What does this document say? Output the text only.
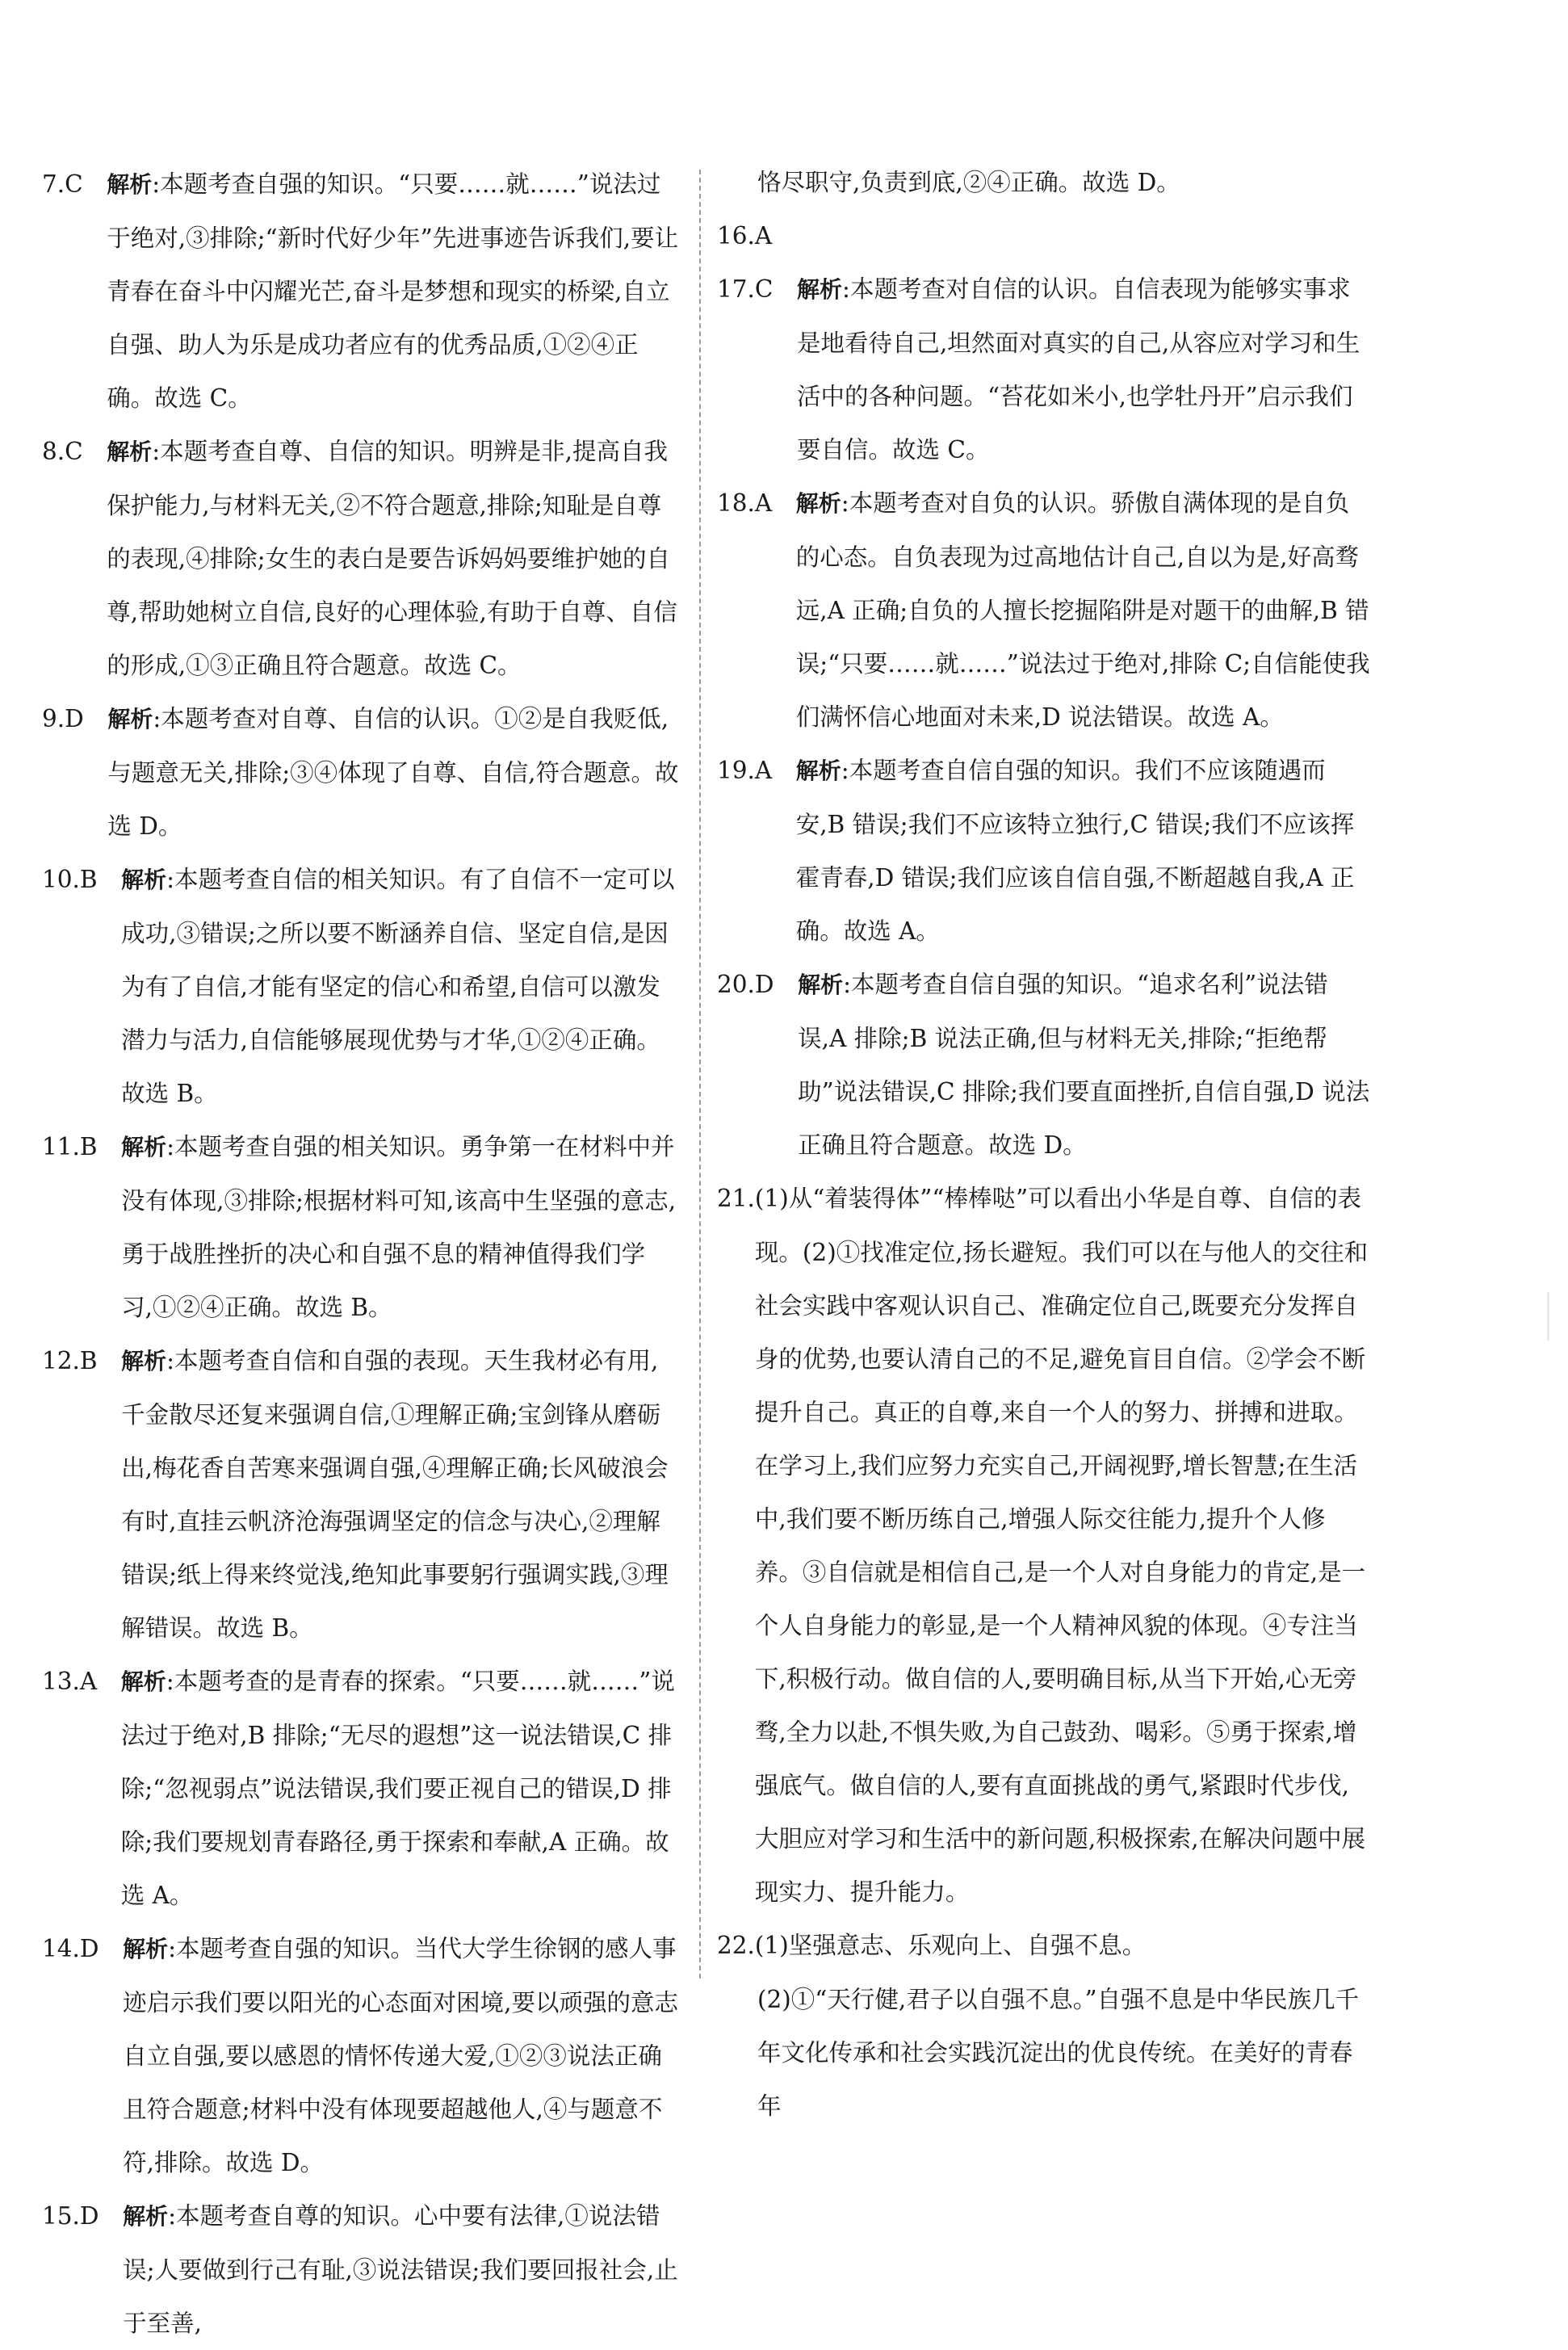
7.C　 解析:本题考查自强的知识。“只要……就……”说法过于绝对,③排除;“新时代好少年”先进事迹告诉我们,要让青春在奋斗中闪耀光芒,奋斗是梦想和现实的桥梁,自立自强、助人为乐是成功者应有的优秀品质,①②④正确。故选 C。
8.C　 解析:本题考查自尊、自信的知识。明辨是非,提高自我保护能力,与材料无关,②不符合题意,排除;知耻是自尊的表现,④排除;女生的表白是要告诉妈妈要维护她的自尊,帮助她树立自信,良好的心理体验,有助于自尊、自信的形成,①③正确且符合题意。故选 C。
9.D　 解析:本题考查对自尊、自信的认识。①②是自我贬低,与题意无关,排除;③④体现了自尊、自信,符合题意。故选 D。
10.B　 解析:本题考查自信的相关知识。有了自信不一定可以成功,③错误;之所以要不断涵养自信、坚定自信,是因为有了自信,才能有坚定的信心和希望,自信可以激发潜力与活力,自信能够展现优势与才华,①②④正确。故选 B。
11.B　 解析:本题考查自强的相关知识。勇争第一在材料中并没有体现,③排除;根据材料可知,该高中生坚强的意志,勇于战胜挫折的决心和自强不息的精神值得我们学习,①②④正确。故选 B。
12.B　 解析:本题考查自信和自强的表现。天生我材必有用,千金散尽还复来强调自信,①理解正确;宝剑锋从磨砺出,梅花香自苦寒来强调自强,④理解正确;长风破浪会有时,直挂云帆济沧海强调坚定的信念与决心,②理解错误;纸上得来终觉浅,绝知此事要躬行强调实践,③理解错误。故选 B。
13.A　 解析:本题考查的是青春的探索。“只要……就……”说法过于绝对,B 排除;“无尽的遐想”这一说法错误,C 排除;“忽视弱点”说法错误,我们要正视自己的错误,D 排除;我们要规划青春路径,勇于探索和奉献,A 正确。故选 A。
14.D　 解析:本题考查自强的知识。当代大学生徐钢的感人事迹启示我们要以阳光的心态面对困境,要以顽强的意志自立自强,要以感恩的情怀传递大爱,①②③说法正确且符合题意;材料中没有体现要超越他人,④与题意不符,排除。故选 D。
15.D　 解析:本题考查自尊的知识。心中要有法律,①说法错误;人要做到行己有耻,③说法错误;我们要回报社会,止于至善,
恪尽职守,负责到底,②④正确。故选 D。
16.A
17.C　 解析:本题考查对自信的认识。自信表现为能够实事求是地看待自己,坦然面对真实的自己,从容应对学习和生活中的各种问题。“苔花如米小,也学牡丹开”启示我们要自信。故选 C。
18.A　 解析:本题考查对自负的认识。骄傲自满体现的是自负的心态。自负表现为过高地估计自己,自以为是,好高骛远,A 正确;自负的人擅长挖掘陷阱是对题干的曲解,B 错误;“只要……就……”说法过于绝对,排除 C;自信能使我们满怀信心地面对未来,D 说法错误。故选 A。
19.A　 解析:本题考查自信自强的知识。我们不应该随遇而安,B 错误;我们不应该特立独行,C 错误;我们不应该挥霍青春,D 错误;我们应该自信自强,不断超越自我,A 正确。故选 A。
20.D　 解析:本题考查自信自强的知识。“追求名利”说法错误,A 排除;B 说法正确,但与材料无关,排除;“拒绝帮助”说法错误,C 排除;我们要直面挫折,自信自强,D 说法正确且符合题意。故选 D。
21. (1)从“着装得体”“棒棒哒”可以看出小华是自尊、自信的表现。(2)①找准定位,扬长避短。我们可以在与他人的交往和社会实践中客观认识自己、准确定位自己,既要充分发挥自身的优势,也要认清自己的不足,避免盲目自信。②学会不断提升自己。真正的自尊,来自一个人的努力、拼搏和进取。在学习上,我们应努力充实自己,开阔视野,增长智慧;在生活中,我们要不断历练自己,增强人际交往能力,提升个人修养。③自信就是相信自己,是一个人对自身能力的肯定,是一个人自身能力的彰显,是一个人精神风貌的体现。④专注当下,积极行动。做自信的人,要明确目标,从当下开始,心无旁骛,全力以赴,不惧失败,为自己鼓劲、喝彩。⑤勇于探索,增强底气。做自信的人,要有直面挑战的勇气,紧跟时代步伐,大胆应对学习和生活中的新问题,积极探索,在解决问题中展现实力、提升能力。
22. (1)坚强意志、乐观向上、自强不息。
(2)①“天行健,君子以自强不息。”自强不息是中华民族几千年文化传承和社会实践沉淀出的优良传统。在美好的青春年
